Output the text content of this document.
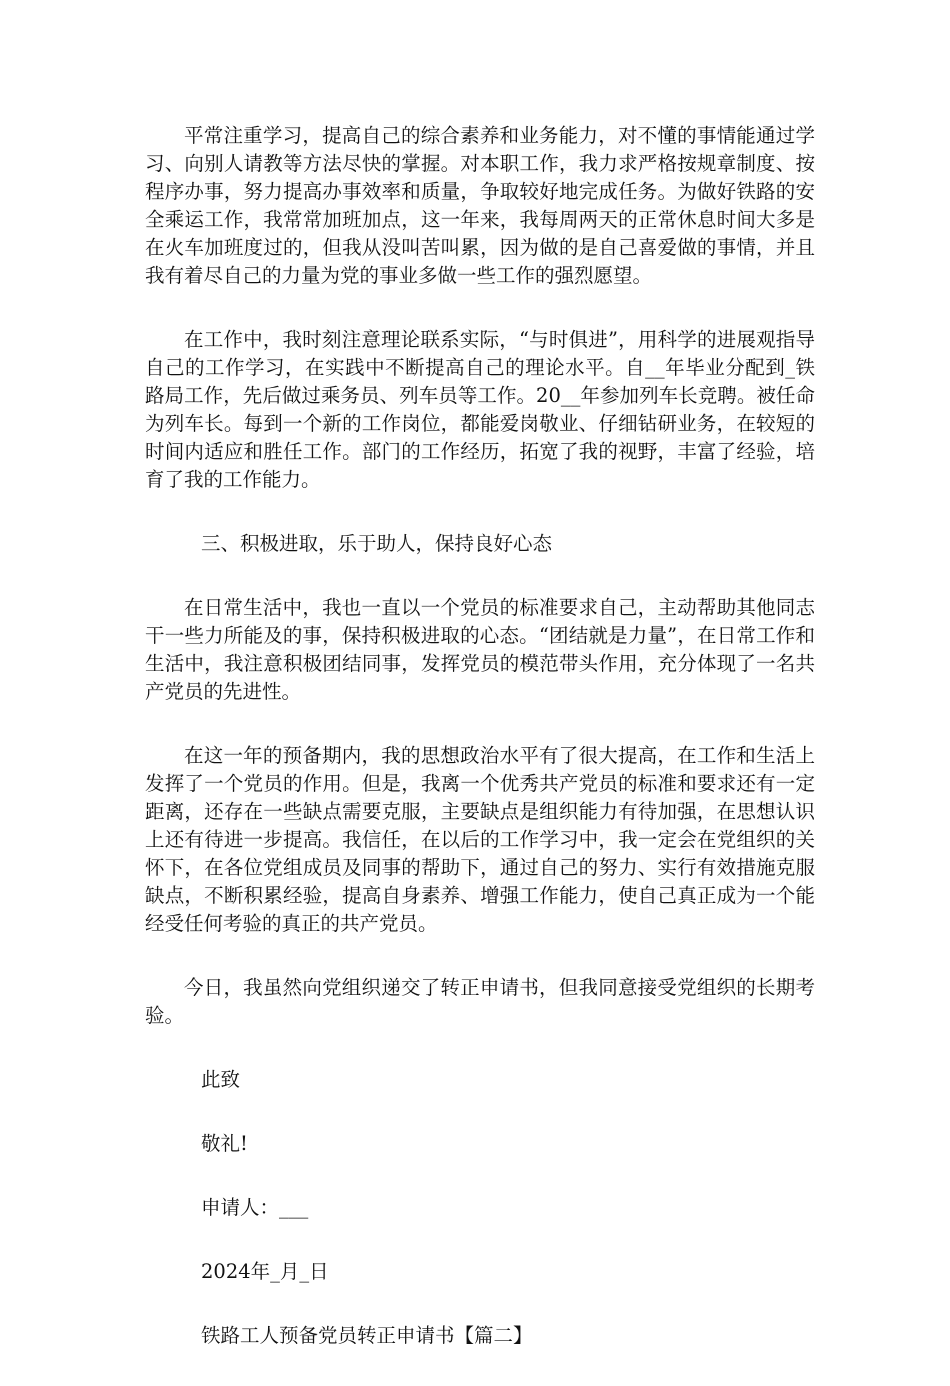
平常注重学习，提高自己的综合素养和业务能力，对不懂的事情能通过学习、向别人请教等方法尽快的掌握。对本职工作，我力求严格按规章制度、按程序办事，努力提高办事效率和质量，争取较好地完成任务。为做好铁路的安全乘运工作，我常常加班加点，这一年来，我每周两天的正常休息时间大多是在火车加班度过的，但我从没叫苦叫累，因为做的是自己喜爱做的事情，并且我有着尽自己的力量为党的事业多做一些工作的强烈愿望。

在工作中，我时刻注意理论联系实际，“与时俱进”，用科学的进展观指导自己的工作学习，在实践中不断提高自己的理论水平。自__年毕业分配到_铁路局工作，先后做过乘务员、列车员等工作。20__年参加列车长竞聘。被任命为列车长。每到一个新的工作岗位，都能爱岗敬业、仔细钻研业务，在较短的时间内适应和胜任工作。部门的工作经历，拓宽了我的视野，丰富了经验，培育了我的工作能力。

三、积极进取，乐于助人，保持良好心态

在日常生活中，我也一直以一个党员的标准要求自己，主动帮助其他同志干一些力所能及的事，保持积极进取的心态。“团结就是力量”，在日常工作和生活中，我注意积极团结同事，发挥党员的模范带头作用，充分体现了一名共产党员的先进性。

在这一年的预备期内，我的思想政治水平有了很大提高，在工作和生活上发挥了一个党员的作用。但是，我离一个优秀共产党员的标准和要求还有一定距离，还存在一些缺点需要克服，主要缺点是组织能力有待加强，在思想认识上还有待进一步提高。我信任，在以后的工作学习中，我一定会在党组织的关怀下，在各位党组成员及同事的帮助下，通过自己的努力、实行有效措施克服缺点，不断积累经验，提高自身素养、增强工作能力，使自己真正成为一个能经受任何考验的真正的共产党员。

今日，我虽然向党组织递交了转正申请书，但我同意接受党组织的长期考验。

此致

敬礼!

申请人：___

2024年_月_日

铁路工人预备党员转正申请书【篇二】
